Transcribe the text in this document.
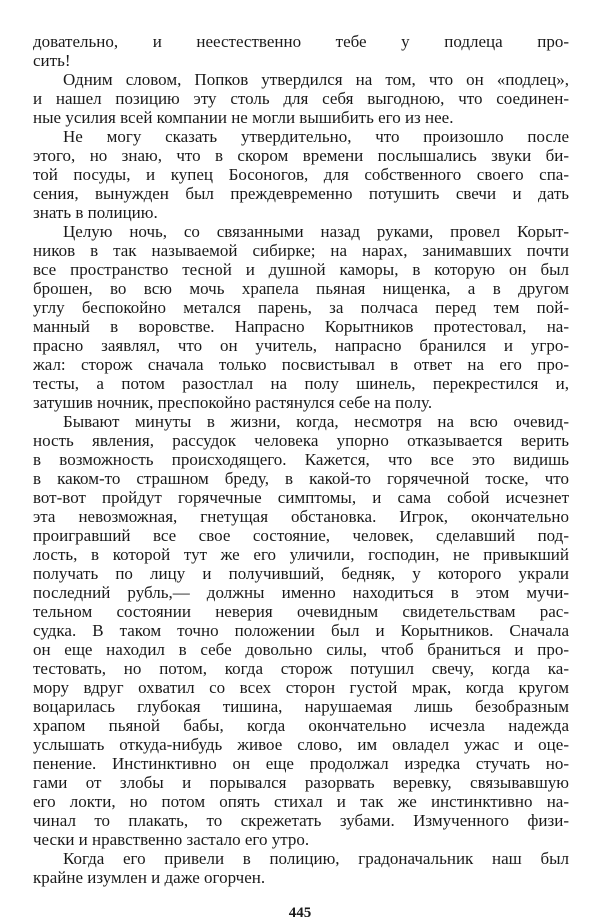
довательно, и неестественно тебе у подлеца про-
сить!
Одним словом, Попков утвердился на том, что он «подлец»,
и нашел позицию эту столь для себя выгодною, что соединен-
ные усилия всей компании не могли вышибить его из нее.
Не могу сказать утвердительно, что произошло после
этого, но знаю, что в скором времени послышались звуки би-
той посуды, и купец Босоногов, для собственного своего спа-
сения, вынужден был преждевременно потушить свечи и дать
знать в полицию.
Целую ночь, со связанными назад руками, провел Корыт-
ников в так называемой сибирке; на нарах, занимавших почти
все пространство тесной и душной каморы, в которую он был
брошен, во всю мочь храпела пьяная нищенка, а в другом
углу беспокойно метался парень, за полчаса перед тем пой-
манный в воровстве. Напрасно Корытников протестовал, на-
прасно заявлял, что он учитель, напрасно бранился и угро-
жал: сторож сначала только посвистывал в ответ на его про-
тесты, а потом разостлал на полу шинель, перекрестился и,
затушив ночник, преспокойно растянулся себе на полу.
Бывают минуты в жизни, когда, несмотря на всю очевид-
ность явления, рассудок человека упорно отказывается верить
в возможность происходящего. Кажется, что все это видишь
в каком-то страшном бреду, в какой-то горячечной тоске, что
вот-вот пройдут горячечные симптомы, и сама собой исчезнет
эта невозможная, гнетущая обстановка. Игрок, окончательно
проигравший все свое состояние, человек, сделавший под-
лость, в которой тут же его уличили, господин, не привыкший
получать по лицу и получивший, бедняк, у которого украли
последний рубль,— должны именно находиться в этом мучи-
тельном состоянии неверия очевидным свидетельствам рас-
судка. В таком точно положении был и Корытников. Сначала
он еще находил в себе довольно силы, чтоб браниться и про-
тестовать, но потом, когда сторож потушил свечу, когда ка-
мору вдруг охватил со всех сторон густой мрак, когда кругом
воцарилась глубокая тишина, нарушаемая лишь безобразным
храпом пьяной бабы, когда окончательно исчезла надежда
услышать откуда-нибудь живое слово, им овладел ужас и оце-
пенение. Инстинктивно он еще продолжал изредка стучать но-
гами от злобы и порывался разорвать веревку, связывавшую
его локти, но потом опять стихал и так же инстинктивно на-
чинал то плакать, то скрежетать зубами. Измученного физи-
чески и нравственно застало его утро.
Когда его привели в полицию, градоначальник наш был
крайне изумлен и даже огорчен.
445
